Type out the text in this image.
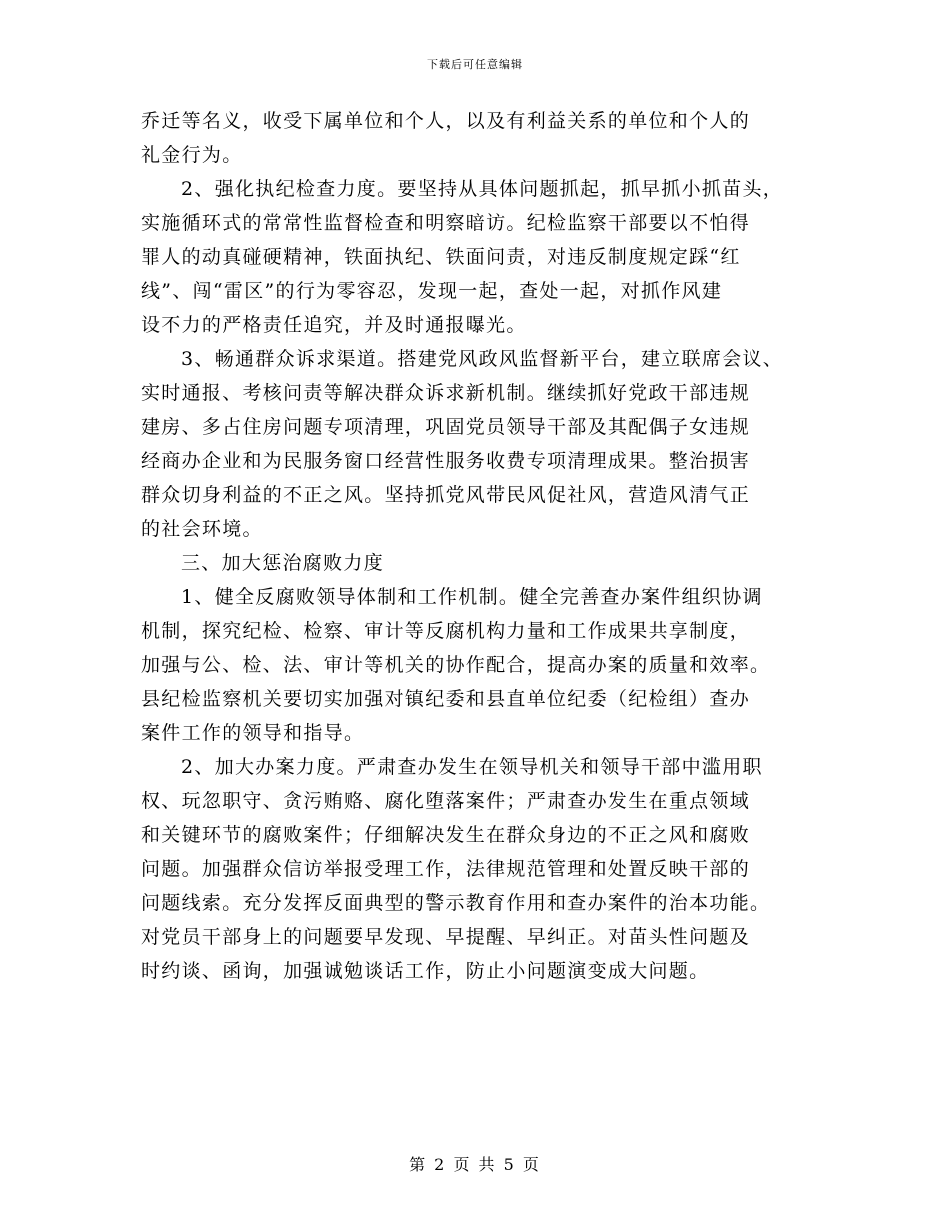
下载后可任意编辑
乔迁等名义，收受下属单位和个人，以及有利益关系的单位和个人的
礼金行为。
2、强化执纪检查力度。要坚持从具体问题抓起，抓早抓小抓苗头，
实施循环式的常常性监督检查和明察暗访。纪检监察干部要以不怕得
罪人的动真碰硬精神，铁面执纪、铁面问责，对违反制度规定踩“红
线”、闯“雷区”的行为零容忍，发现一起，查处一起，对抓作风建
设不力的严格责任追究，并及时通报曝光。
3、畅通群众诉求渠道。搭建党风政风监督新平台，建立联席会议、
实时通报、考核问责等解决群众诉求新机制。继续抓好党政干部违规
建房、多占住房问题专项清理，巩固党员领导干部及其配偶子女违规
经商办企业和为民服务窗口经营性服务收费专项清理成果。整治损害
群众切身利益的不正之风。坚持抓党风带民风促社风，营造风清气正
的社会环境。
三、加大惩治腐败力度
1、健全反腐败领导体制和工作机制。健全完善查办案件组织协调
机制，探究纪检、检察、审计等反腐机构力量和工作成果共享制度，
加强与公、检、法、审计等机关的协作配合，提高办案的质量和效率。
县纪检监察机关要切实加强对镇纪委和县直单位纪委（纪检组）查办
案件工作的领导和指导。
2、加大办案力度。严肃查办发生在领导机关和领导干部中滥用职
权、玩忽职守、贪污贿赂、腐化堕落案件；严肃查办发生在重点领域
和关键环节的腐败案件；仔细解决发生在群众身边的不正之风和腐败
问题。加强群众信访举报受理工作，法律规范管理和处置反映干部的
问题线索。充分发挥反面典型的警示教育作用和查办案件的治本功能。
对党员干部身上的问题要早发现、早提醒、早纠正。对苗头性问题及
时约谈、函询，加强诚勉谈话工作，防止小问题演变成大问题。
第 2 页 共 5 页
